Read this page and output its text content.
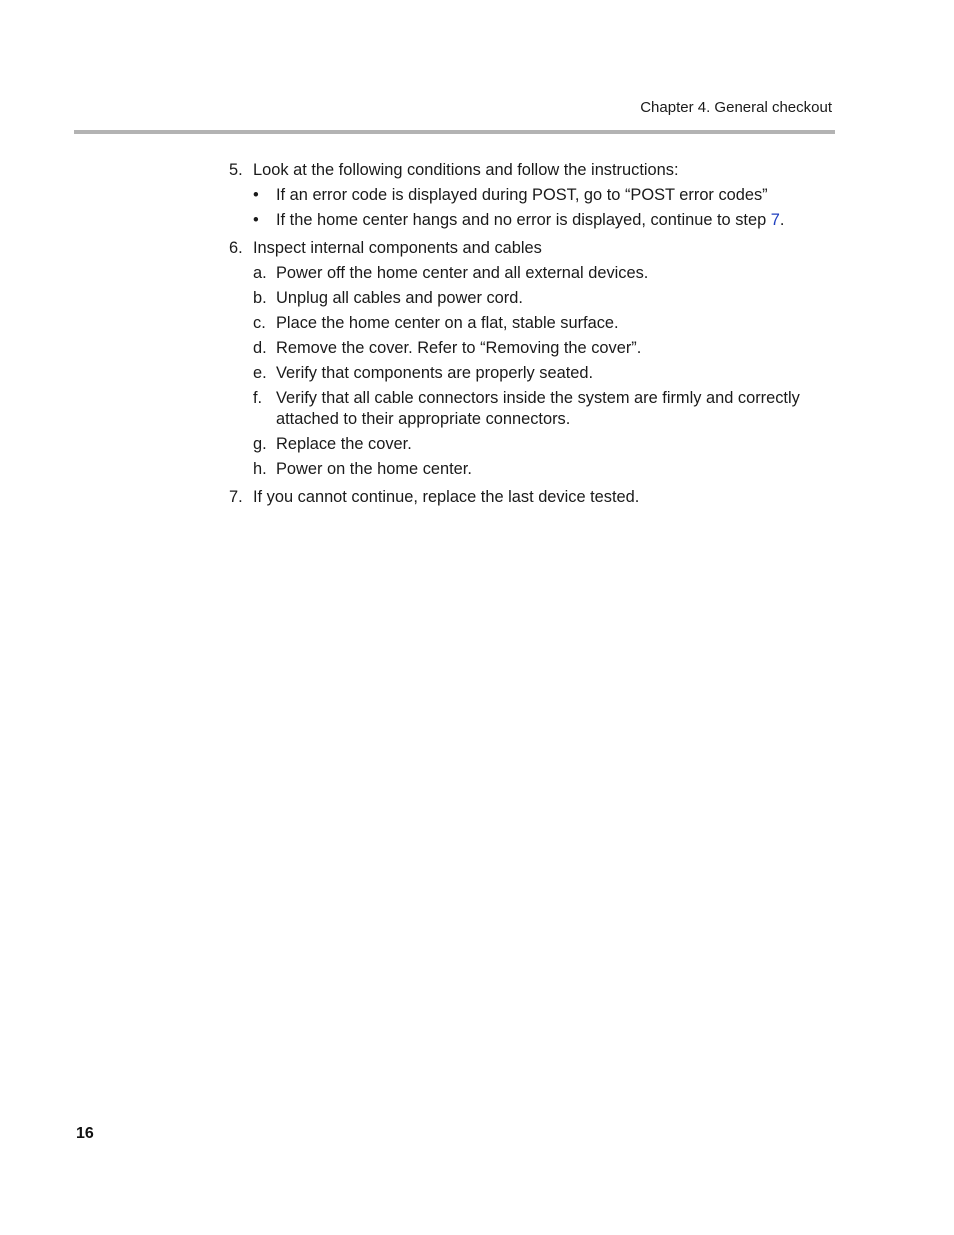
Chapter 4. General checkout
5. Look at the following conditions and follow the instructions:
• If an error code is displayed during POST, go to “POST error codes”
• If the home center hangs and no error is displayed, continue to step 7.
6. Inspect internal components and cables
a. Power off the home center and all external devices.
b. Unplug all cables and power cord.
c. Place the home center on a flat, stable surface.
d. Remove the cover. Refer to “Removing the cover”.
e. Verify that components are properly seated.
f. Verify that all cable connectors inside the system are firmly and correctly attached to their appropriate connectors.
g. Replace the cover.
h. Power on the home center.
7. If you cannot continue, replace the last device tested.
16
